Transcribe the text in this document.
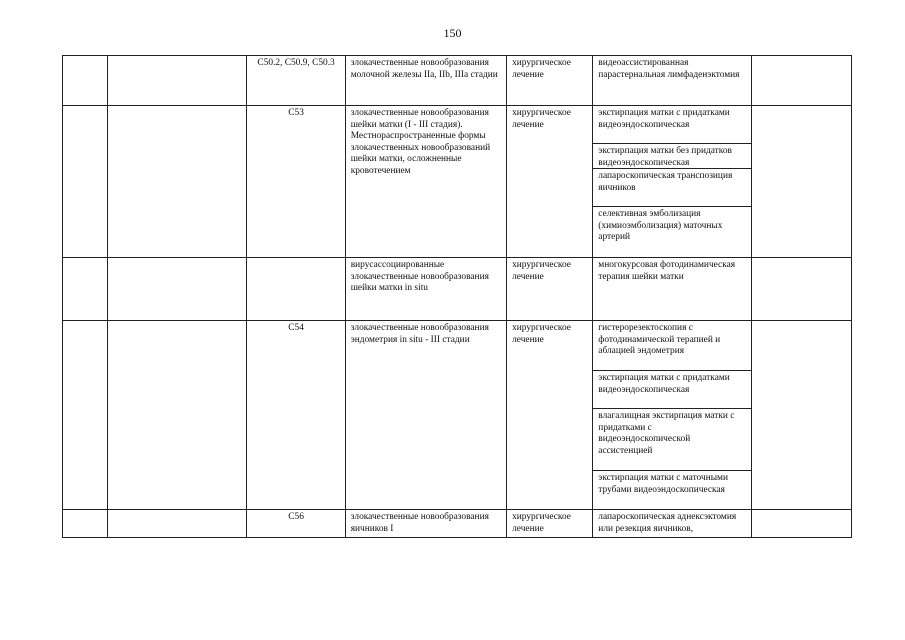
150
		C50.2, C50.9, C50.3	злокачественные новообразования молочной железы IIa, IIb, IIIa стадии	хирургическое лечение	видеоассистированная парастернальная лимфаденэктомия	

		C53	злокачественные новообразования шейки матки (I - III стадия). Местнораспространенные формы злокачественных новообразований шейки матки, осложненные кровотечением	хирургическое лечение	экстирпация матки с придатками видеоэндоскопическая
экстирпация матки без придатков видеоэндоскопическая
лапароскопическая транспозиция яичников
селективная эмболизация (химиоэмболизация) маточных артерий	

			вирусассоциированные злокачественные новообразования шейки матки in situ	хирургическое лечение	многокурсовая фотодинамическая терапия шейки матки	

		C54	злокачественные новообразования эндометрия in situ - III стадии	хирургическое лечение	гистерорезектоскопия с фотодинамической терапией и аблацией эндометрия
экстирпация матки с придатками видеоэндоскопическая
влагалищная экстирпация матки с придатками с видеоэндоскопической ассистенцией
экстирпация матки с маточными трубами видеоэндоскопическая	

		C56	злокачественные новообразования яичников I	хирургическое лечение	лапароскопическая аднексэктомия или резекция яичников,	
